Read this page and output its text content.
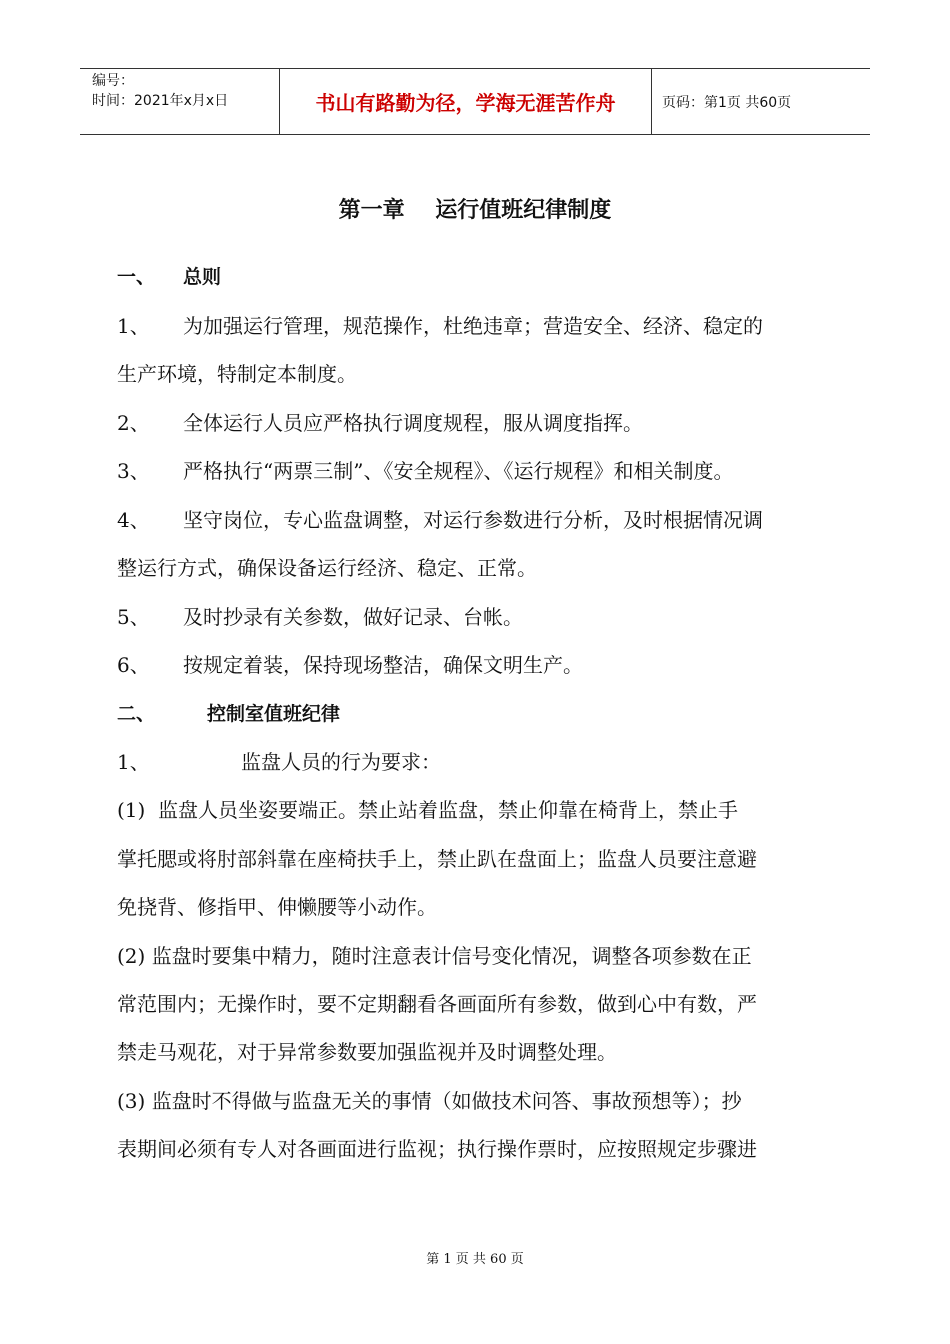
编号：
时间：2021年x月x日	书山有路勤为径，学海无涯苦作舟	页码：第1页 共60页
第一章    运行值班纪律制度
一、 总则
1、 为加强运行管理，规范操作，杜绝违章；营造安全、经济、稳定的
生产环境，特制定本制度。
2、 全体运行人员应严格执行调度规程，服从调度指挥。
3、 严格执行“两票三制”、《安全规程》、《运行规程》和相关制度。
4、 坚守岗位，专心监盘调整，对运行参数进行分析，及时根据情况调
整运行方式，确保设备运行经济、稳定、正常。
5、 及时抄录有关参数，做好记录、台帐。
6、 按规定着装，保持现场整洁，确保文明生产。
二、	控制室值班纪律
1、	监盘人员的行为要求：
(1)  监盘人员坐姿要端正。禁止站着监盘，禁止仰靠在椅背上，禁止手
掌托腮或将肘部斜靠在座椅扶手上，禁止趴在盘面上；监盘人员要注意避
免挠背、修指甲、伸懒腰等小动作。
(2) 监盘时要集中精力，随时注意表计信号变化情况，调整各项参数在正
常范围内；无操作时，要不定期翻看各画面所有参数，做到心中有数，严
禁走马观花，对于异常参数要加强监视并及时调整处理。
(3) 监盘时不得做与监盘无关的事情（如做技术问答、事故预想等）；抄
表期间必须有专人对各画面进行监视；执行操作票时，应按照规定步骤进
第 1 页 共 60 页
